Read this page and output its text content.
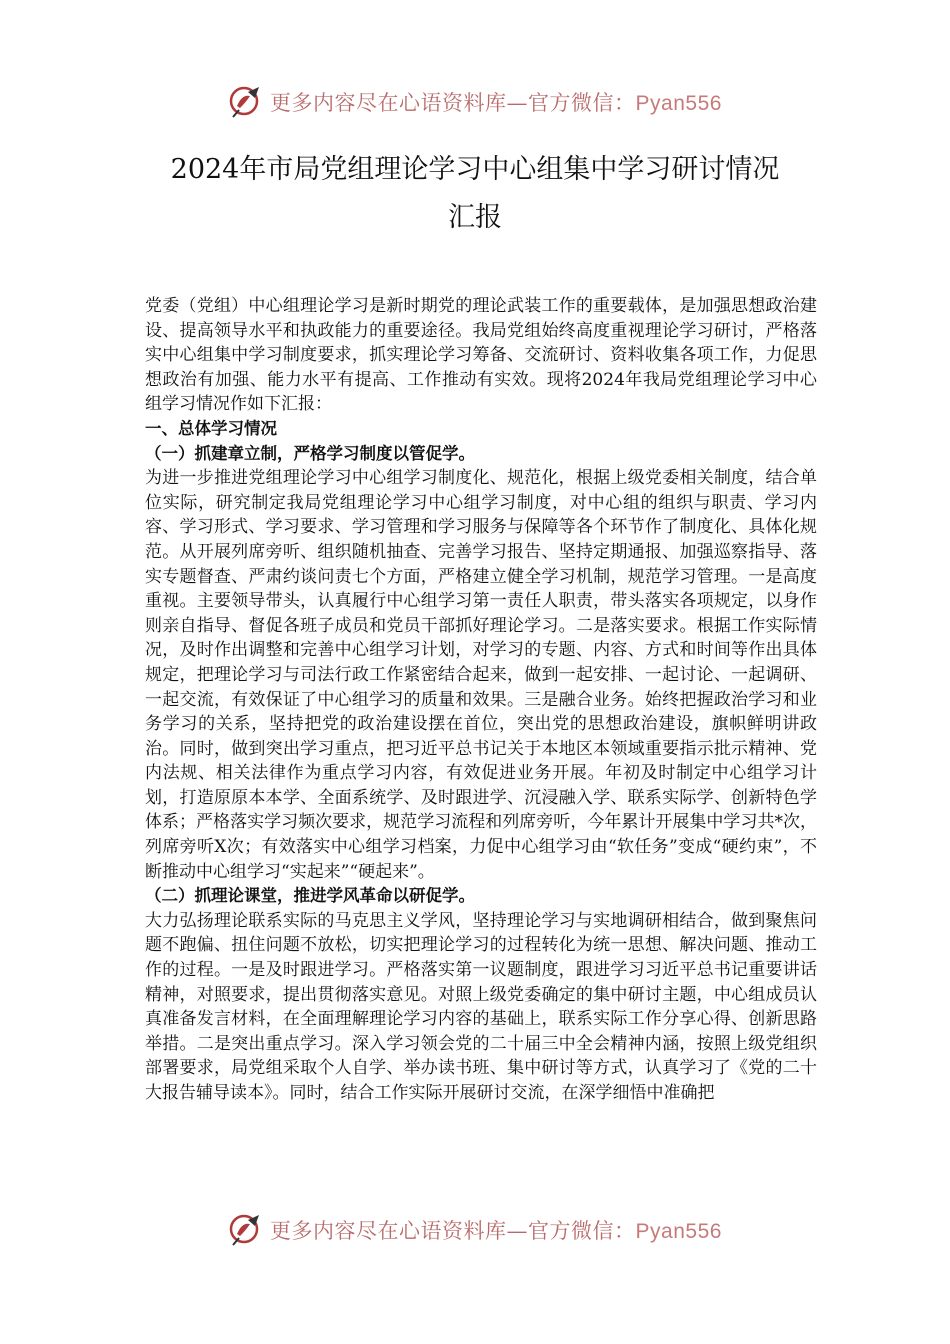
更多内容尽在心语资料库—官方微信：Pyan556
2024年市局党组理论学习中心组集中学习研讨情况
汇报

党委（党组）中心组理论学习是新时期党的理论武装工作的重要载体，是加强思想政治建设、提高领导水平和执政能力的重要途径。我局党组始终高度重视理论学习研讨，严格落实中心组集中学习制度要求，抓实理论学习筹备、交流研讨、资料收集各项工作，力促思想政治有加强、能力水平有提高、工作推动有实效。现将2024年我局党组理论学习中心组学习情况作如下汇报：

一、总体学习情况

（一）抓建章立制，严格学习制度以管促学。

为进一步推进党组理论学习中心组学习制度化、规范化，根据上级党委相关制度，结合单位实际，研究制定我局党组理论学习中心组学习制度，对中心组的组织与职责、学习内容、学习形式、学习要求、学习管理和学习服务与保障等各个环节作了制度化、具体化规范。从开展列席旁听、组织随机抽查、完善学习报告、坚持定期通报、加强巡察指导、落实专题督查、严肃约谈问责七个方面，严格建立健全学习机制，规范学习管理。一是高度重视。主要领导带头，认真履行中心组学习第一责任人职责，带头落实各项规定，以身作则亲自指导、督促各班子成员和党员干部抓好理论学习。二是落实要求。根据工作实际情况，及时作出调整和完善中心组学习计划，对学习的专题、内容、方式和时间等作出具体规定，把理论学习与司法行政工作紧密结合起来，做到一起安排、一起讨论、一起调研、一起交流，有效保证了中心组学习的质量和效果。三是融合业务。始终把握政治学习和业务学习的关系，坚持把党的政治建设摆在首位，突出党的思想政治建设，旗帜鲜明讲政治。同时，做到突出学习重点，把习近平总书记关于本地区本领域重要指示批示精神、党内法规、相关法律作为重点学习内容，有效促进业务开展。年初及时制定中心组学习计划，打造原原本本学、全面系统学、及时跟进学、沉浸融入学、联系实际学、创新特色学体系；严格落实学习频次要求，规范学习流程和列席旁听，今年累计开展集中学习共*次，列席旁听X次；有效落实中心组学习档案，力促中心组学习由“软任务”变成“硬约束”，不断推动中心组学习“实起来”“硬起来”。

（二）抓理论课堂，推进学风革命以研促学。

大力弘扬理论联系实际的马克思主义学风，坚持理论学习与实地调研相结合，做到聚焦问题不跑偏、扭住问题不放松，切实把理论学习的过程转化为统一思想、解决问题、推动工作的过程。一是及时跟进学习。严格落实第一议题制度，跟进学习习近平总书记重要讲话精神，对照要求，提出贯彻落实意见。对照上级党委确定的集中研讨主题，中心组成员认真准备发言材料，在全面理解理论学习内容的基础上，联系实际工作分享心得、创新思路举措。二是突出重点学习。深入学习领会党的二十届三中全会精神内涵，按照上级党组织部署要求，局党组采取个人自学、举办读书班、集中研讨等方式，认真学习了《党的二十大报告辅导读本》。同时，结合工作实际开展研讨交流，在深学细悟中准确把

更多内容尽在心语资料库—官方微信：Pyan556
